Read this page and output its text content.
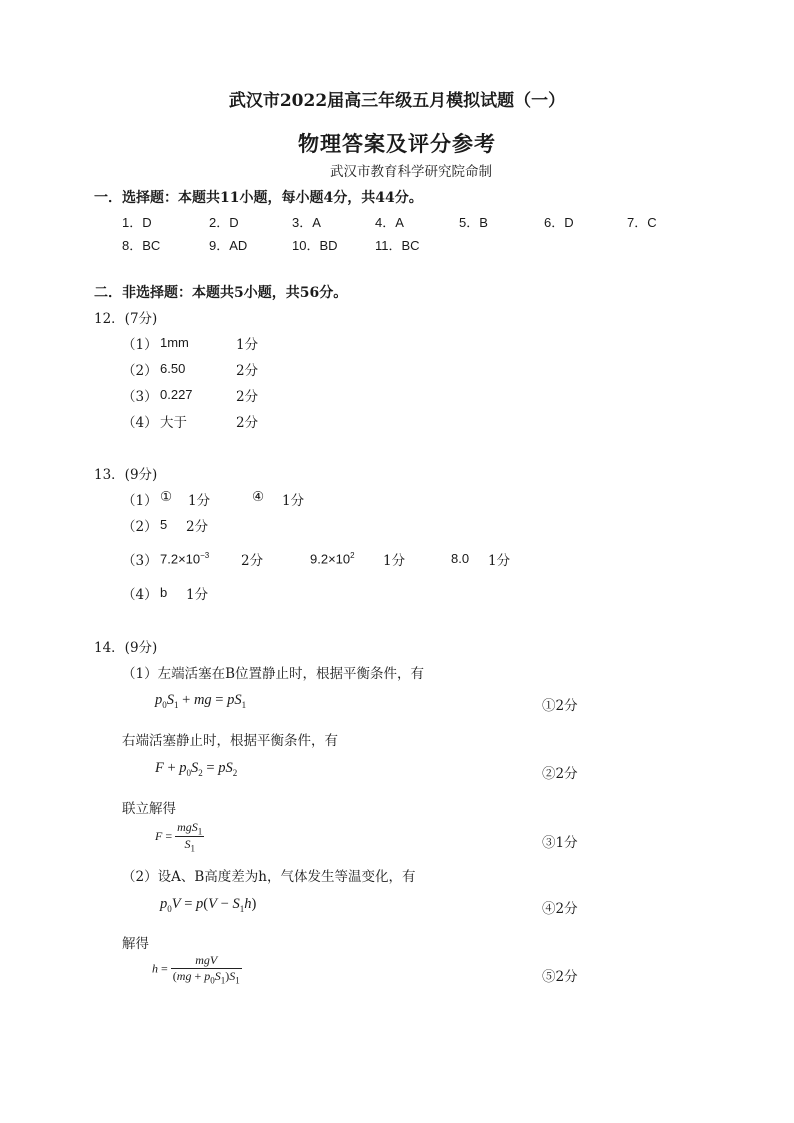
武汉市2022届高三年级五月模拟试题（一）
物理答案及评分参考
武汉市教育科学研究院命制
一．选择题：本题共11小题，每小题4分，共44分。
1．D	2．D	3．A	4．A	5．B	6．D	7．C
8．BC	9．AD	10．BD	11．BC
二．非选择题：本题共5小题，共56分。
12．(7分)
（1） 1mm	1分
（2） 6.50	2分
（3） 0.227	2分
（4） 大于	2分
13．(9分)
（1） ① 1分	④ 1分
（2） 5 2分
（3） $7.2\times 10^{-3}$ 2分	$9.2\times 10^2$ 1分	8.0 1分
（4） b 1分
14．(9分)
（1）左端活塞在B位置静止时，根据平衡条件，有
$p_0S_1$ + mg = $pS_1$	①2分
右端活塞静止时，根据平衡条件，有
$F + p_0S_2 = pS_2$	②2分
联立解得
$F = \frac{mgS_1}{S_1}$	③1分
（2）设A、B高度差为h，气体发生等温变化，有
$p_0V = p(V - S_1h)$	④2分
解得
$h = \frac{\text{mgV}}{(mg + p_0S_1)S_1}$	⑤2分
